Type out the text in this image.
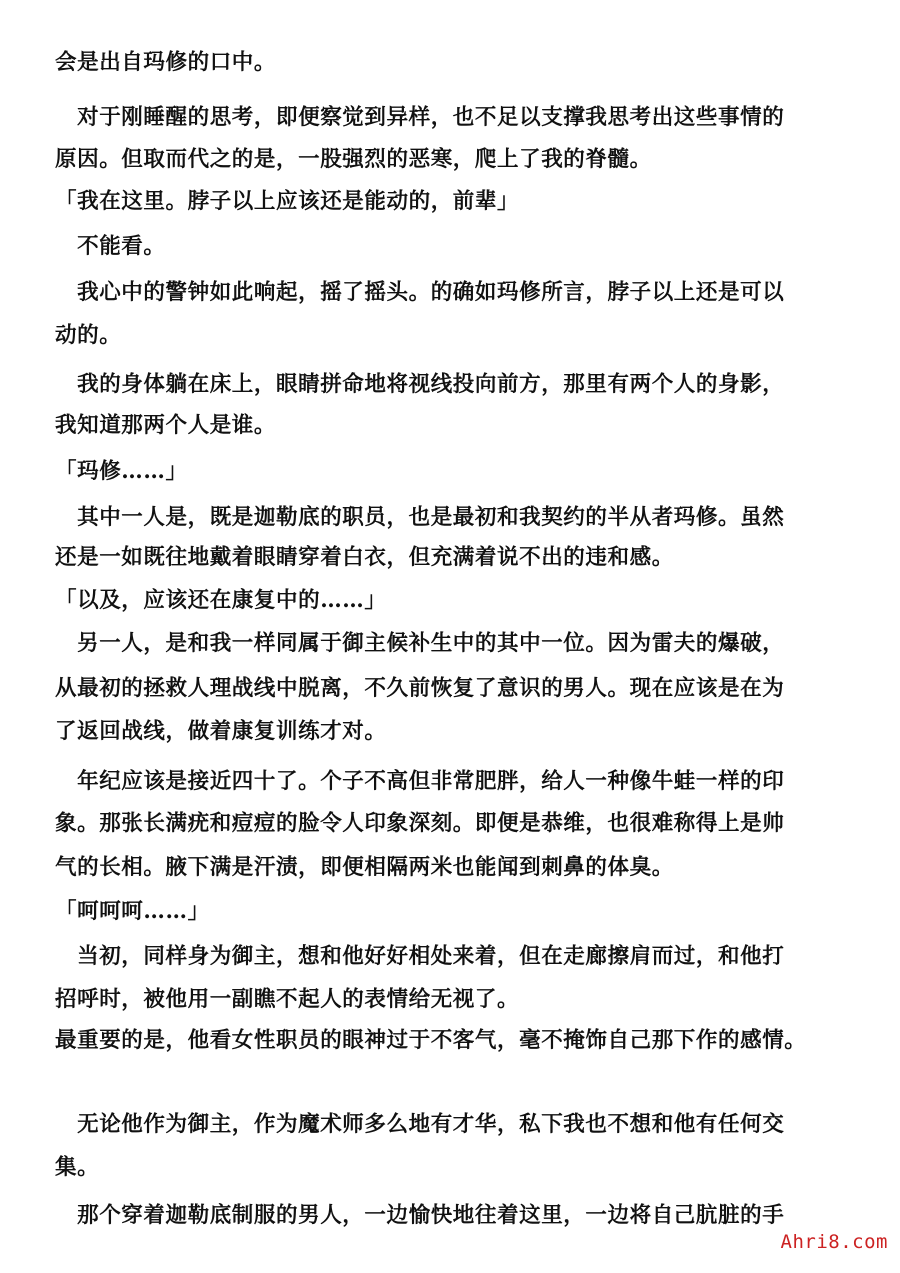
会是出自玛修的口中。
　对于刚睡醒的思考，即便察觉到异样，也不足以支撑我思考出这些事情的
原因。但取而代之的是，一股强烈的恶寒，爬上了我的脊髓。
「我在这里。脖子以上应该还是能动的，前辈」
　不能看。
　我心中的警钟如此响起，摇了摇头。的确如玛修所言，脖子以上还是可以
动的。
　我的身体躺在床上，眼睛拼命地将视线投向前方，那里有两个人的身影，
我知道那两个人是谁。
「玛修……」
　其中一人是，既是迦勒底的职员，也是最初和我契约的半从者玛修。虽然
还是一如既往地戴着眼睛穿着白衣，但充满着说不出的违和感。
「以及，应该还在康复中的……」
　另一人，是和我一样同属于御主候补生中的其中一位。因为雷夫的爆破，
从最初的拯救人理战线中脱离，不久前恢复了意识的男人。现在应该是在为
了返回战线，做着康复训练才对。
　年纪应该是接近四十了。个子不高但非常肥胖，给人一种像牛蛙一样的印
象。那张长满疣和痘痘的脸令人印象深刻。即便是恭维，也很难称得上是帅
气的长相。腋下满是汗渍，即便相隔两米也能闻到刺鼻的体臭。
「呵呵呵……」
　当初，同样身为御主，想和他好好相处来着，但在走廊擦肩而过，和他打
招呼时，被他用一副瞧不起人的表情给无视了。
最重要的是，他看女性职员的眼神过于不客气，毫不掩饰自己那下作的感情。
　无论他作为御主，作为魔术师多么地有才华，私下我也不想和他有任何交
集。
　那个穿着迦勒底制服的男人，一边愉快地往着这里，一边将自己肮脏的手
Ahri8.com
